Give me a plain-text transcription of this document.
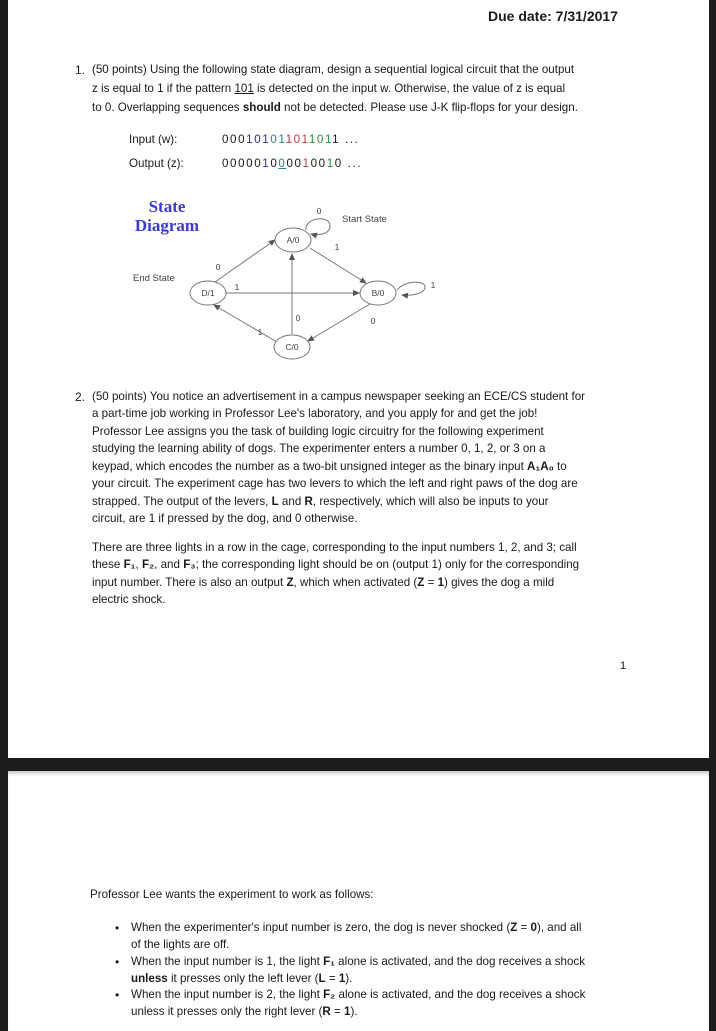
Due date: 7/31/2017
1. (50 points) Using the following state diagram, design a sequential logical circuit that the output
z is equal to 1 if the pattern 101 is detected on the input w. Otherwise, the value of z is equal
to 0. Overlapping sequences should not be detected. Please use J-K flip-flops for your design.
Input (w):	000101011011011 ...
Output (z):	000001000010010 ...
State
Diagram	Start State
End State
A/0
B/0
C/0
D/1
0
1
0
1	1
0	0
1
2. (50 points) You notice an advertisement in a campus newspaper seeking an ECE/CS student for
a part-time job working in Professor Lee's laboratory, and you apply for and get the job!
Professor Lee assigns you the task of building logic circuitry for the following experiment
studying the learning ability of dogs. The experimenter enters a number 0, 1, 2, or 3 on a
keypad, which encodes the number as a two-bit unsigned integer as the binary input A₁A₀ to
your circuit. The experiment cage has two levers to which the left and right paws of the dog are
strapped. The output of the levers, L and R, respectively, which will also be inputs to your
circuit, are 1 if pressed by the dog, and 0 otherwise.
There are three lights in a row in the cage, corresponding to the input numbers 1, 2, and 3; call
these F₁, F₂, and F₃; the corresponding light should be on (output 1) only for the corresponding
input number. There is also an output Z, which when activated (Z = 1) gives the dog a mild
electric shock.
1
Professor Lee wants the experiment to work as follows:
• When the experimenter's input number is zero, the dog is never shocked (Z = 0), and all
of the lights are off.
• When the input number is 1, the light F₁ alone is activated, and the dog receives a shock
unless it presses only the left lever (L = 1).
• When the input number is 2, the light F₂ alone is activated, and the dog receives a shock
unless it presses only the right lever (R = 1).
